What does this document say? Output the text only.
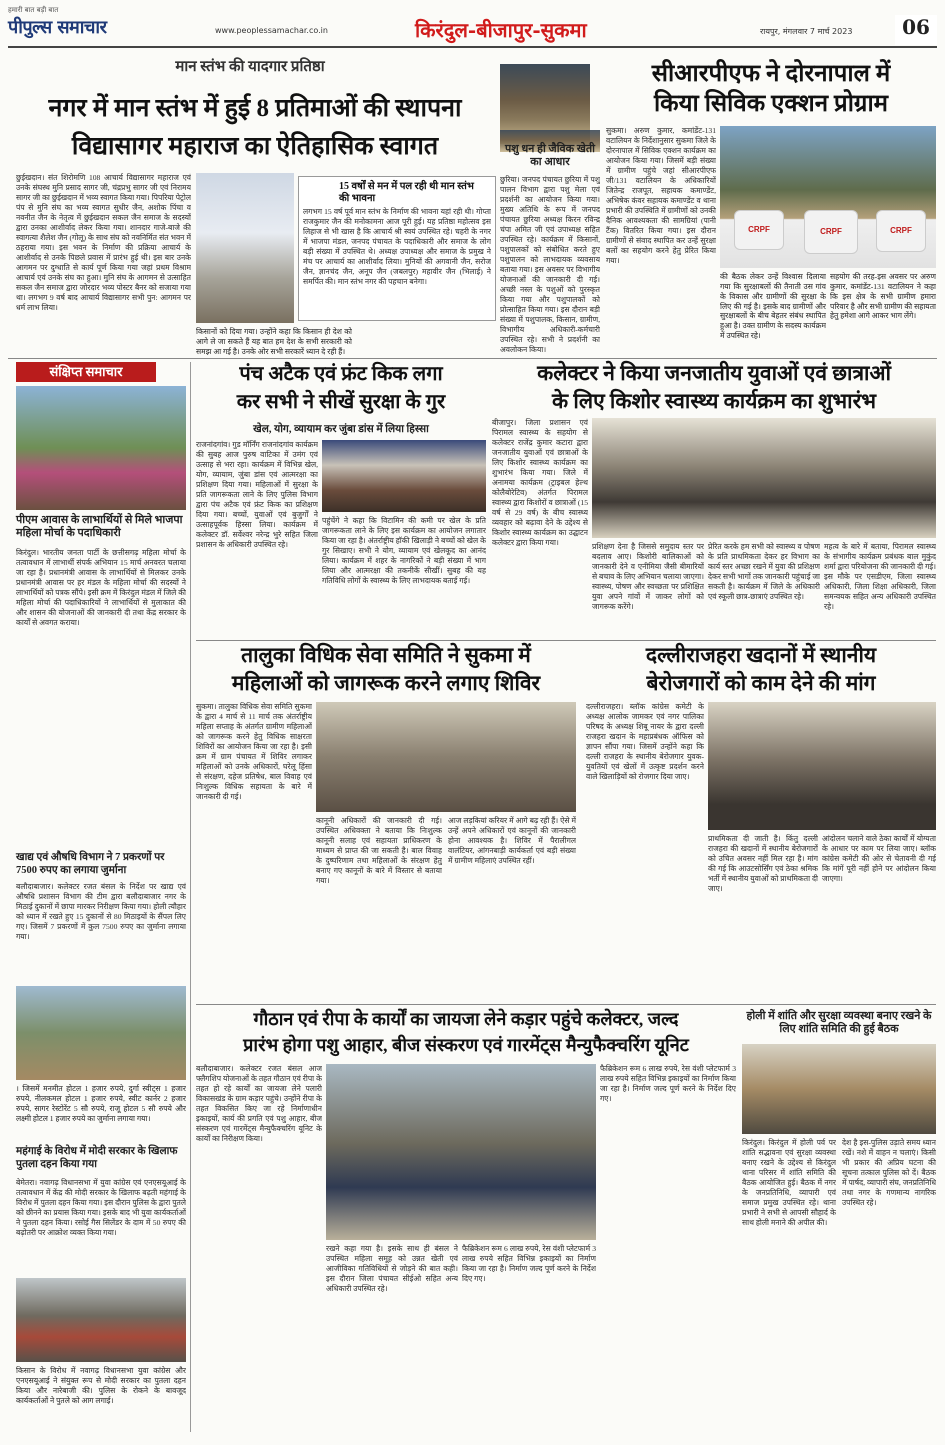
हमारी बात बड़ी बात
पीपुल्स समाचार	www.peoplessamachar.co.in	किरंदुल-बीजापुर-सुकमा	रायपुर, मंगलवार 7 मार्च 2023	06
मान स्तंभ की यादगार प्रतिष्ठा
नगर में मान स्तंभ में हुई 8 प्रतिमाओं की स्थापना
विद्यासागर महाराज का ऐतिहासिक स्वागत
छुईखदान। संत शिरोमणि 108 आचार्य विद्यासागर महाराज एवं उनके संघस्थ मुनि प्रसाद सागर जी, चंद्रप्रभु सागर जी एवं निरामय सागर जी का छुईखदान में भव्य स्वागत किया गया। पिपरिया पेट्रोल पंप से मुनि संघ का भव्य स्वागत सुधीर जैन, अशोक पिंचा व नवनीत जैन के नेतृत्व में छुईखदान सकल जैन समाज के सदस्यों द्वारा उनका आशीर्वाद लेकर किया गया। शानदार गाजे-बाजे की स्वागत्या शैलेश जैन (गोलू) के साथ संघ को नवनिर्मित संत भवन में ठहराया गया। इस भवन के निर्माण की प्रक्रिया आचार्य के आशीर्वाद से उनके पिछले प्रवास में प्रारंभ हुई थी। इस बार उनके आगमन पर दुग्धाति से कार्य पूर्ण किया गया जहां प्रथम विश्राम आचार्य एवं उनके संघ का हुआ। मुनि संघ के आगमन से उत्साहित सकल जैन समाज द्वारा जोरदार भव्य पोस्टर बैनर को सजाया गया था। लगभग 9 वर्ष बाद आचार्य विद्यासागर सभी पुन: आगमन पर धर्म लाभ लिया।
किसानों को दिया गया। उन्होंने कहा कि किसान ही देश को आगे ले जा सकते हैं यह बात हम देश के सभी सरकारी को समझ आ गई है। उनके ओर सभी सरकारें ध्यान दे रही हैं।
15 वर्षों से मन में पल रही थी मान स्तंभ की भावना
लगभग 15 वर्ष पूर्व मान स्तंभ के निर्माण की भावना यहां रही थी। गोप्ता राजकुमार जैन की मनोकामना आज पूरी हुई। यह प्रतिष्ठा महोत्सव इस लिहाज से भी खास है कि आचार्य श्री स्वयं उपस्थित रहे। चहरी के नगर में भाजपा मंडल, जनपद पंचायत के पदाधिकारी और समाज के लोग बड़ी संख्या में उपस्थित थे। अध्यक्ष उपाध्यक्ष और समाज के प्रमुख ने मंच पर आचार्य का आशीर्वाद लिया। मुनियों की अगवानी जैन, सरोज जैन, ज्ञानचंद जैन, अनूप जैन (जबलपुर) महावीर जैन (भिलाई) ने समर्पित की। मान स्तंभ नगर की पहचान बनेगा।
पशु धन ही जैविक खेती का आधार
छुरिया। जनपद पंचायत छुरिया में पशु पालन विभाग द्वारा पशु मेला एवं प्रदर्शनी का आयोजन किया गया। मुख्य अतिथि के रूप में जनपद पंचायत छुरिया अध्यक्ष किरन रविन्द्र चंपा अमित जी एवं उपाध्यक्ष सहित उपस्थित रहे। कार्यक्रम में किसानों, पशुपालकों को संबोधित करते हुए पशुपालन को लाभदायक व्यवसाय बताया गया। इस अवसर पर विभागीय योजनाओं की जानकारी दी गई। अच्छी नस्ल के पशुओं को पुरस्कृत किया गया और पशुपालकों को प्रोत्साहित किया गया। इस दौरान बड़ी संख्या में पशुपालक, किसान, ग्रामीण, विभागीय अधिकारी-कर्मचारी उपस्थित रहे। सभी ने प्रदर्शनी का अवलोकन किया।
सीआरपीएफ ने दोरनापाल में
किया सिविक एक्शन प्रोग्राम
सुकमा। अरुण कुमार, कमांडेंट-131 वटालियन के निर्देशानुसार सुकमा जिले के दोरनापाल में सिविक एक्शन कार्यक्रम का आयोजन किया गया। जिसमें बड़ी संख्या में ग्रामीण पहुंचे जहां सीआरपीएफ जी/131 वटालियन के अधिकारियों जितेन्द्र राजपूत, सहायक कमाण्डेंट, अभिषेक कंवर सहायक कमाण्डेंट व थाना प्रभारी की उपस्थिति में ग्रामीणों को उनकी दैनिक आवश्यकता की सामग्रियां (पानी टैंक) वितरित किया गया। इस दौरान ग्रामीणों से संवाद स्थापित कर उन्हें सुरक्षा बलों का सहयोग करने हेतु प्रेरित किया गया।
CRPF	CRPF	CRPF
की बैठक लेकर उन्हें विश्वास दिलाया गया कि सुरक्षाबलों की तैनाती उस गांव के विकास और ग्रामीणों की सुरक्षा के लिए की गई है। इसके बाद ग्रामीणों और सुरक्षाबलों के बीच बेहतर संबंध स्थापित हुआ है। उक्त ग्रामीण के सदस्य कार्यक्रम में उपस्थित रहे।
सहयोग की तरह-इस अवसर पर अरुण कुमार, कमांडेंट-131 वटालियन ने कहा कि इस क्षेत्र के सभी ग्रामीण हमारा परिवार है और सभी ग्रामीण की सहायता हेतु हमेशा आगे आकर भाग लेंगे।
संक्षिप्त समाचार
पीएम आवास के लाभार्थियों से मिले भाजपा महिला मोर्चा के पदाधिकारी
किरंदुल। भारतीय जनता पार्टी के छत्तीसगढ़ महिला मोर्चा के तत्वावधान में लाभार्थी संपर्क अभियान 15 मार्च अनवरत चलाया जा रहा है। प्रधानमंत्री आवास के लाभार्थियों से मिलकर उनके प्रधानमंत्री आवास पर हर मंडल के महिला मोर्चा की सदस्यों ने लाभार्थियों को पत्रक सौंपे। इसी क्रम में किरंदुल मंडल में जिले की महिला मोर्चा की पदाधिकारियों ने लाभार्थियों से मुलाकात की और शासन की योजनाओं की जानकारी दी तथा केंद्र सरकार के कार्यों से अवगत कराया।
खाद्य एवं औषधि विभाग ने 7 प्रकरणों पर 7500 रुपए का लगाया जुर्माना
बलौदाबाजार। कलेक्टर रजत बंसल के निर्देश पर खाद्य एवं औषधि प्रशासन विभाग की टीम द्वारा बलौदाबाजार नगर के मिठाई दुकानों में छापा मारकर निरीक्षण किया गया। होली त्यौहार को ध्यान में रखते हुए 15 दुकानों से 80 मिठाइयों के सैंपल लिए गए। जिसमें 7 प्रकरणों में कुल 7500 रुपए का जुर्माना लगाया गया।
। जिसमें मनमीत होटल 1 हजार रुपये, दुर्गा स्वीट्स 1 हजार रुपये, नीलकमल होटल 1 हजार रुपये, स्वीट कार्नर 2 हजार रुपये, सागर रेस्टोरेंट 5 सौ रुपये, राजू होटल 5 सौ रुपये और लक्ष्मी होटल 1 हजार रुपये का जुर्माना लगाया गया।
महंगाई के विरोध में मोदी सरकार के खिलाफ पुतला दहन किया गया
बेमेतरा। नवागढ़ विधानसभा में युवा कांग्रेस एवं एनएसयूआई के तत्वावधान में केंद्र की मोदी सरकार के खिलाफ बढ़ती महंगाई के विरोध में पुतला दहन किया गया। इस दौरान पुलिस के द्वारा पुतले को छीनने का प्रयास किया गया। इसके बाद भी युवा कार्यकर्ताओं ने पुतला दहन किया। रसोई गैस सिलेंडर के दाम में 50 रुपए की बढ़ोतरी पर आक्रोश व्यक्त किया गया।
किसान के विरोध में नवागढ़ विधानसभा युवा कांग्रेस और एनएसयूआई ने संयुक्त रूप से मोदी सरकार का पुतला दहन किया और नारेबाजी की। पुलिस के रोकने के बावजूद कार्यकर्ताओं ने पुतले को आग लगाई।
पंच अटैक एवं फ्रंट किक लगा
कर सभी ने सीखें सुरक्षा के गुर
खेल, योग, व्यायाम कर जुंबा डांस में लिया हिस्सा
राजनांदगांव। गुड मॉर्निंग राजनांदगांव कार्यक्रम की सुबह आज पुरुष वाटिका में उमंग एवं उत्साह से भरा रहा। कार्यक्रम में विभिन्न खेल, योग, व्यायाम, जुंबा डांस एवं आत्मरक्षा का प्रशिक्षण दिया गया। महिलाओं में सुरक्षा के प्रति जागरूकता लाने के लिए पुलिस विभाग द्वारा पंच अटैक एवं फ्रंट किक का प्रशिक्षण दिया गया। बच्चों, युवाओं एवं बुजुर्गों ने उत्साहपूर्वक हिस्सा लिया। कार्यक्रम में कलेक्टर डॉ. सर्वेश्वर नरेन्द्र भुरे सहित जिला प्रशासन के अधिकारी उपस्थित रहे।
पहुंचेंगे ने कहा कि विटामिन की कमी पर खेल के प्रति जागरूकता लाने के लिए इस कार्यक्रम का आयोजन लगातार किया जा रहा है। अंतर्राष्ट्रीय हॉकी खिलाड़ी ने बच्चों को खेल के गुर सिखाए। सभी ने योग, व्यायाम एवं खेलकूद का आनंद लिया। कार्यक्रम में शहर के नागरिकों ने बड़ी संख्या में भाग लिया और आत्मरक्षा की तकनीकें सीखीं। सुबह की यह गतिविधि लोगों के स्वास्थ्य के लिए लाभदायक बताई गई।
कलेक्टर ने किया जनजातीय युवाओं एवं छात्राओं
के लिए किशोर स्वास्थ्य कार्यक्रम का शुभारंभ
बीजापुर। जिला प्रशासन एवं पिरामल स्वास्थ्य के सहयोग से कलेक्टर राजेंद्र कुमार कटारा द्वारा जनजातीय युवाओं एवं छात्राओं के लिए किशोर स्वास्थ्य कार्यक्रम का शुभारंभ किया गया। जिले में अनामया कार्यक्रम (ट्राइबल हेल्थ कोलैबोरेटिव) अंतर्गत पिरामल स्वास्थ्य द्वारा किशोरों व छात्राओं (15 वर्ष से 29 वर्ष) के बीच स्वास्थ्य व्यवहार को बढ़ावा देने के उद्देश्य से किशोर स्वास्थ्य कार्यक्रम का उद्घाटन कलेक्टर द्वारा किया गया।	प्रशिक्षण देना है जिससे समुदाय स्तर पर बदलाव आए। किशोरी बालिकाओं को जानकारी देने व एनीमिया जैसी बीमारियों से बचाव के लिए अभियान चलाया जाएगा। स्वास्थ्य, पोषण और स्वच्छता पर प्रशिक्षित युवा अपने गांवों में जाकर लोगों को जागरूक करेंगे।
प्रेरित करके हम सभी को स्वास्थ्य व पोषण के प्रति प्राथमिकता देकर हर विभाग का कार्य स्तर अच्छा रखने में युवा की प्रशिक्षण देकर सभी भागों तक जानकारी पहुंचाई जा सकती है। कार्यक्रम में जिले के अधिकारी एवं स्कूली छात्र-छात्राएं उपस्थित रहे।
महत्व के बारे में बताया, पिरामल स्वास्थ्य के संभागीय कार्यक्रम प्रबंधक बाल मुकुंद शर्मा द्वारा परियोजना की जानकारी दी गई। इस मौके पर एसडीएम, जिला स्वास्थ्य अधिकारी, जिला शिक्षा अधिकारी, जिला समन्वयक सहित अन्य अधिकारी उपस्थित रहे।
तालुका विधिक सेवा समिति ने सुकमा में
महिलाओं को जागरूक करने लगाए शिविर
सुकमा। तालुका विधिक सेवा समिति सुकमा के द्वारा 4 मार्च से 11 मार्च तक अंतर्राष्ट्रीय महिला सप्ताह के अंतर्गत ग्रामीण महिलाओं को जागरूक करने हेतु विधिक साक्षरता शिविरों का आयोजन किया जा रहा है। इसी क्रम में ग्राम पंचायत में शिविर लगाकर महिलाओं को उनके अधिकारों, घरेलू हिंसा से संरक्षण, दहेज प्रतिषेध, बाल विवाह एवं निःशुल्क विधिक सहायता के बारे में जानकारी दी गई।
कानूनी अधिकारों की जानकारी दी गई। उपस्थित अधिवक्ता ने बताया कि निःशुल्क कानूनी सलाह एवं सहायता प्राधिकरण के माध्यम से प्राप्त की जा सकती है। बाल विवाह के दुष्परिणाम तथा महिलाओं के संरक्षण हेतु बनाए गए कानूनों के बारे में विस्तार से बताया गया।
आज लड़कियां करियर में आगे बढ़ रही हैं। ऐसे में उन्हें अपने अधिकारों एवं कानूनों की जानकारी होना आवश्यक है। शिविर में पैरालीगल वालंटियर, आंगनबाड़ी कार्यकर्ता एवं बड़ी संख्या में ग्रामीण महिलाएं उपस्थित रहीं।
दल्लीराजहरा खदानों में स्थानीय
बेरोजगारों को काम देने की मांग
दल्लीराजहरा। ब्लॉक कांग्रेस कमेटी के अध्यक्ष आलोक जामकर एवं नगर पालिका परिषद के अध्यक्ष शिबू नायर के द्वारा दल्ली राजहरा खदान के महाप्रबंधक ऑफिस को ज्ञापन सौंपा गया। जिसमें उन्होंने कहा कि दल्ली राजहरा के स्थानीय बेरोजगार युवक-युवतियों एवं खेलों में उत्कृष्ट प्रदर्शन करने वाले खिलाड़ियों को रोजगार दिया जाए।
प्राथमिकता दी जाती है। किंतु दल्ली राजहरा की खदानों में स्थानीय बेरोजगारों को उचित अवसर नहीं मिल रहा है। मांग की गई कि आउटसोर्सिंग एवं ठेका श्रमिक भर्ती में स्थानीय युवाओं को प्राथमिकता दी जाए।
आंदोलन चलाने वाले ठेका कार्यों में योग्यता के आधार पर काम पर लिया जाए। ब्लॉक कांग्रेस कमेटी की ओर से चेतावनी दी गई कि मांगें पूरी नहीं होने पर आंदोलन किया जाएगा।
गौठान एवं रीपा के कार्यों का जायजा लेने कड़ार पहुंचे कलेक्टर, जल्द
प्रारंभ होगा पशु आहार, बीज संस्करण एवं गारमेंट्स मैन्युफैक्चरिंग यूनिट
बलौदाबाजार। कलेक्टर रजत बंसल आज फ्लैगशिप योजनाओं के तहत गौठान एवं रीपा के तहत हो रहे कार्यों का जायजा लेने पलारी विकासखंड के ग्राम कड़ार पहुंचे। उन्होंने रीपा के तहत विकसित किए जा रहे निर्माणाधीन इकाइयों, कार्य की प्रगति एवं पशु आहार, बीज संस्करण एवं गारमेंट्स मैन्युफैक्चरिंग यूनिट के कार्यों का निरीक्षण किया।
रखने कहा गया है। इसके साथ ही बंसल ने उपस्थित महिला समूह को उन्नत खेती एवं आजीविका गतिविधियों से जोड़ने की बात कही। इस दौरान जिला पंचायत सीईओ सहित अन्य अधिकारी उपस्थित रहे।
फैब्रिकेशन रूम 6 लाख रुपये, रेस वंशी प्लेटफार्म 3 लाख रुपये सहित विभिन्न इकाइयों का निर्माण किया जा रहा है। निर्माण जल्द पूर्ण करने के निर्देश दिए गए।
फैब्रिकेशन रूम 6 लाख रुपये, रेस वंशी प्लेटफार्म 3 लाख रुपये सहित विभिन्न इकाइयों का निर्माण किया जा रहा है। निर्माण जल्द पूर्ण करने के निर्देश दिए गए।
होली में शांति और सुरक्षा व्यवस्था बनाए रखने के लिए शांति समिति की हुई बैठक
किरंदुल। किरंदुल में होली पर्व पर शांति सद्भावना एवं सुरक्षा व्यवस्था बनाए रखने के उद्देश्य से किरंदुल थाना परिसर में शांति समिति की बैठक आयोजित हुई। बैठक में नगर के जनप्रतिनिधि, व्यापारी एवं समाज प्रमुख उपस्थित रहे। थाना प्रभारी ने सभी से आपसी सौहार्द के साथ होली मनाने की अपील की।
देश है इस-पुलिस उड़ाते समय ध्यान रखें। नशे में वाहन न चलाएं। किसी भी प्रकार की अप्रिय घटना की सूचना तत्काल पुलिस को दें। बैठक में पार्षद, व्यापारी संघ, जनप्रतिनिधि तथा नगर के गणमान्य नागरिक उपस्थित रहे।
